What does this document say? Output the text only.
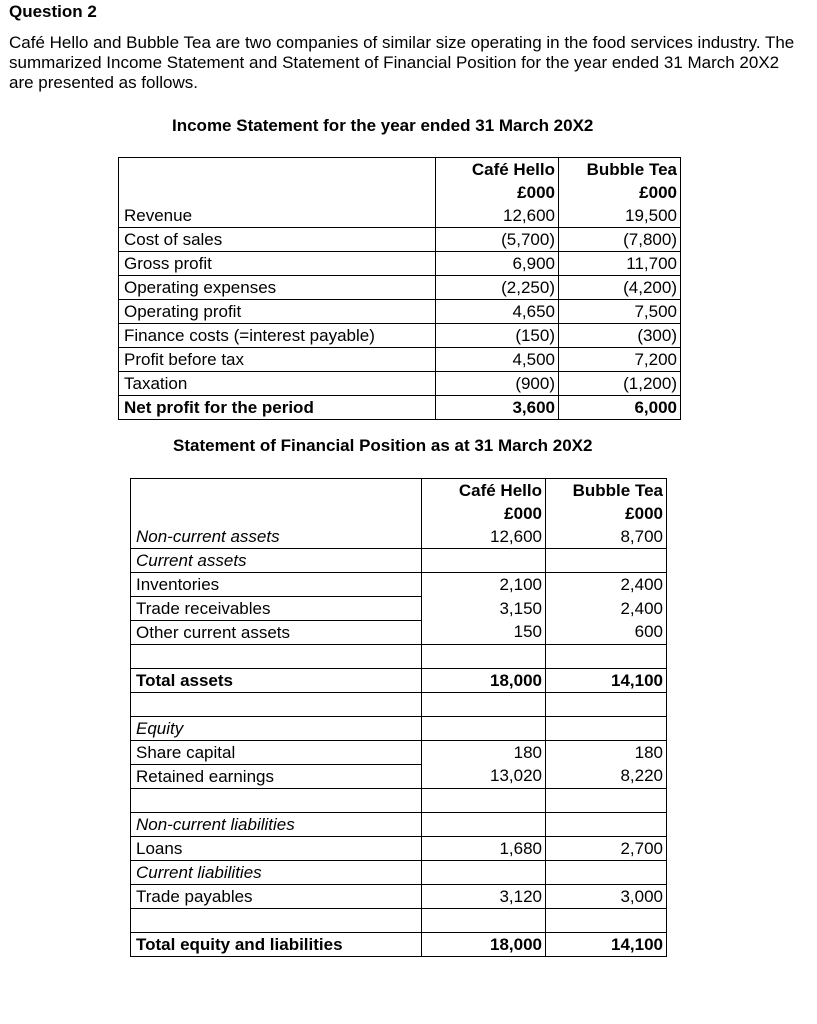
Question 2
Café Hello and Bubble Tea are two companies of similar size operating in the food services industry. The summarized Income Statement and Statement of Financial Position for the year ended 31 March 20X2 are presented as follows.
Income Statement for the year ended 31 March 20X2
	Café Hello	Bubble Tea
	£000	£000
Revenue	12,600	19,500
Cost of sales	(5,700)	(7,800)
Gross profit	6,900	11,700
Operating expenses	(2,250)	(4,200)
Operating profit	4,650	7,500
Finance costs (=interest payable)	(150)	(300)
Profit before tax	4,500	7,200
Taxation	(900)	(1,200)
Net profit for the period	3,600	6,000
Statement of Financial Position as at 31 March 20X2
	Café Hello	Bubble Tea
	£000	£000
Non-current assets	12,600	8,700
Current assets		
Inventories	2,100	2,400
Trade receivables	3,150	2,400
Other current assets	150	600

Total assets	18,000	14,100

Equity		
Share capital	180	180
Retained earnings	13,020	8,220

Non-current liabilities		
Loans	1,680	2,700
Current liabilities		
Trade payables	3,120	3,000

Total equity and liabilities	18,000	14,100
